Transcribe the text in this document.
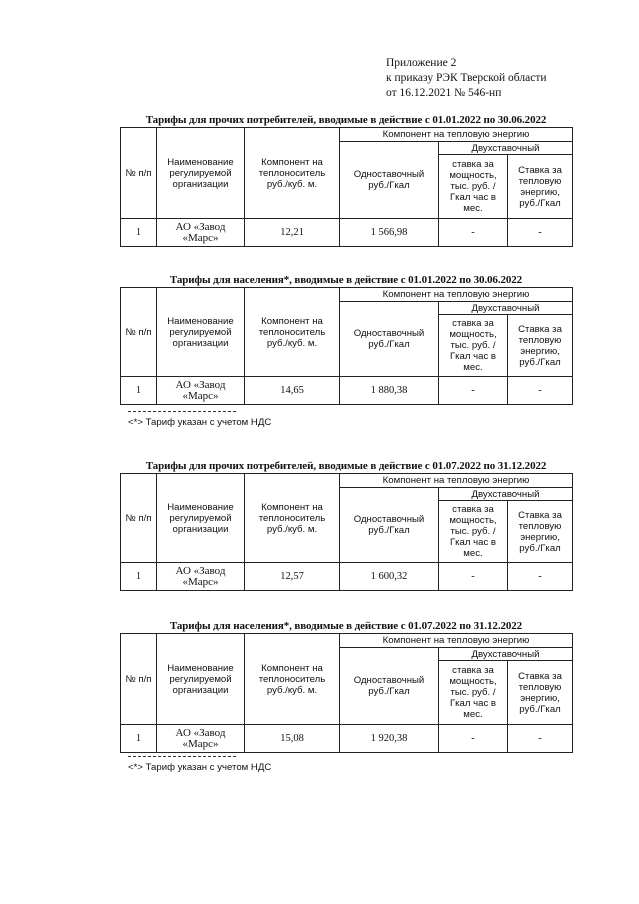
Приложение 2
к приказу РЭК Тверской области
от 16.12.2021 № 546-нп
Тарифы для прочих потребителей, вводимые в действие с 01.01.2022 по 30.06.2022
№ п/п	Наименование регулируемой организации	Компонент на теплоноситель руб./куб. м.	Компонент на тепловую энергию		
			Одноставочный руб./Гкал	Двухставочный	
				ставка за мощность, тыс. руб. /Гкал час в мес.	Ставка за тепловую энергию, руб./Гкал
1	АО «Завод «Марс»	12,21	1 566,98	-	-
Тарифы для населения*, вводимые в действие с 01.01.2022 по 30.06.2022
№ п/п	Наименование регулируемой организации	Компонент на теплоноситель руб./куб. м.	Компонент на тепловую энергию		
			Одноставочный руб./Гкал	Двухставочный	
				ставка за мощность, тыс. руб. /Гкал час в мес.	Ставка за тепловую энергию, руб./Гкал
1	АО «Завод «Марс»	14,65	1 880,38	-	-
<*> Тариф указан с учетом НДС
Тарифы для прочих потребителей, вводимые в действие с 01.07.2022 по 31.12.2022
№ п/п	Наименование регулируемой организации	Компонент на теплоноситель руб./куб. м.	Компонент на тепловую энергию		
			Одноставочный руб./Гкал	Двухставочный	
				ставка за мощность, тыс. руб. /Гкал час в мес.	Ставка за тепловую энергию, руб./Гкал
1	АО «Завод «Марс»	12,57	1 600,32	-	-
Тарифы для населения*, вводимые в действие с 01.07.2022 по 31.12.2022
№ п/п	Наименование регулируемой организации	Компонент на теплоноситель руб./куб. м.	Компонент на тепловую энергию		
			Одноставочный руб./Гкал	Двухставочный	
				ставка за мощность, тыс. руб. /Гкал час в мес.	Ставка за тепловую энергию, руб./Гкал
1	АО «Завод «Марс»	15,08	1 920,38	-	-
<*> Тариф указан с учетом НДС
